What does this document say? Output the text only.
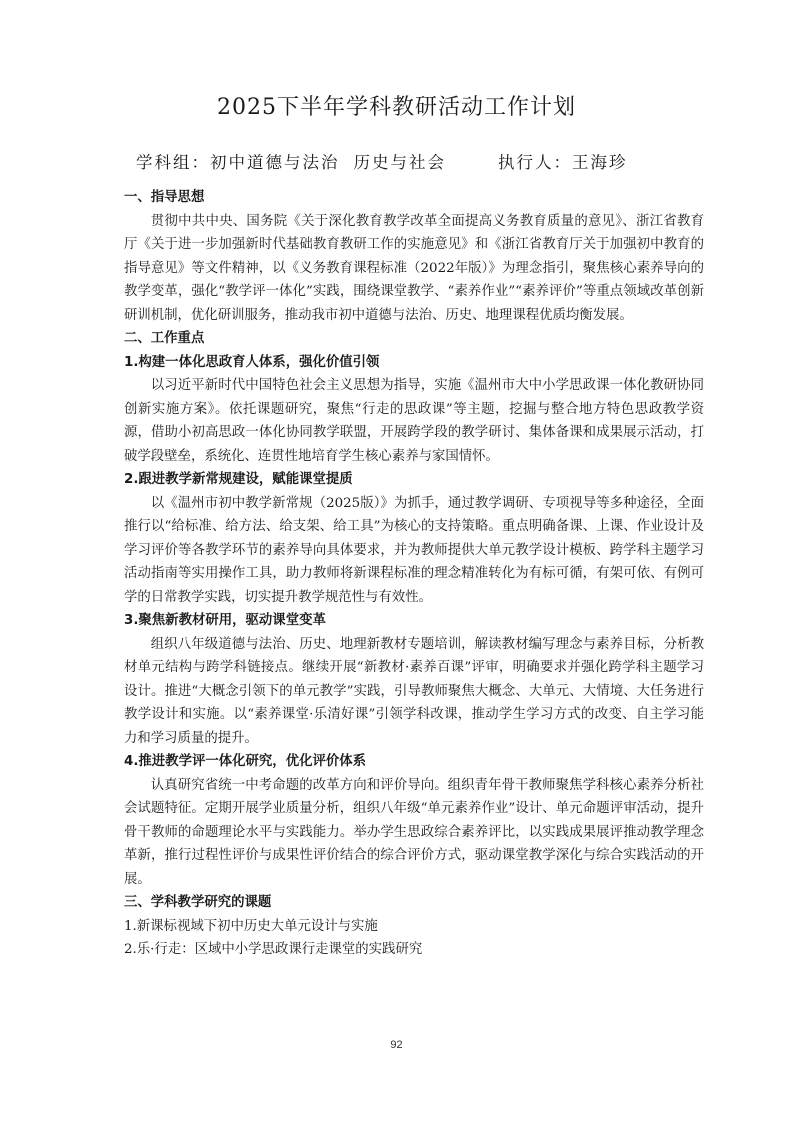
2025下半年学科教研活动工作计划
学科组：初中道德与法治 历史与社会	执行人：王海珍

一、指导思想

贯彻中共中央、国务院《关于深化教育教学改革全面提高义务教育质量的意见》、浙江省教育厅《关于进一步加强新时代基础教育教研工作的实施意见》和《浙江省教育厅关于加强初中教育的指导意见》等文件精神，以《义务教育课程标准（2022年版）》为理念指引，聚焦核心素养导向的教学变革，强化“教学评一体化”实践，围绕课堂教学、“素养作业”“素养评价”等重点领域改革创新研训机制，优化研训服务，推动我市初中道德与法治、历史、地理课程优质均衡发展。

二、工作重点

1.构建一体化思政育人体系，强化价值引领

以习近平新时代中国特色社会主义思想为指导，实施《温州市大中小学思政课一体化教研协同创新实施方案》。依托课题研究，聚焦“行走的思政课”等主题，挖掘与整合地方特色思政教学资源，借助小初高思政一体化协同教学联盟，开展跨学段的教学研讨、集体备课和成果展示活动，打破学段壁垒，系统化、连贯性地培育学生核心素养与家国情怀。

2.跟进教学新常规建设，赋能课堂提质

以《温州市初中教学新常规（2025版）》为抓手，通过教学调研、专项视导等多种途径，全面推行以“给标准、给方法、给支架、给工具”为核心的支持策略。重点明确备课、上课、作业设计及学习评价等各教学环节的素养导向具体要求，并为教师提供大单元教学设计模板、跨学科主题学习活动指南等实用操作工具，助力教师将新课程标准的理念精准转化为有标可循，有架可依、有例可学的日常教学实践，切实提升教学规范性与有效性。

3.聚焦新教材研用，驱动课堂变革

组织八年级道德与法治、历史、地理新教材专题培训，解读教材编写理念与素养目标，分析教材单元结构与跨学科链接点。继续开展“新教材·素养百课”评审，明确要求并强化跨学科主题学习设计。推进“大概念引领下的单元教学”实践，引导教师聚焦大概念、大单元、大情境、大任务进行教学设计和实施。以“素养课堂·乐清好课”引领学科改课，推动学生学习方式的改变、自主学习能力和学习质量的提升。

4.推进教学评一体化研究，优化评价体系

认真研究省统一中考命题的改革方向和评价导向。组织青年骨干教师聚焦学科核心素养分析社会试题特征。定期开展学业质量分析，组织八年级“单元素养作业”设计、单元命题评审活动，提升骨干教师的命题理论水平与实践能力。举办学生思政综合素养评比，以实践成果展评推动教学理念革新，推行过程性评价与成果性评价结合的综合评价方式，驱动课堂教学深化与综合实践活动的开展。

三、学科教学研究的课题

1.新课标视域下初中历史大单元设计与实施

2.乐·行走：区域中小学思政课行走课堂的实践研究

92
